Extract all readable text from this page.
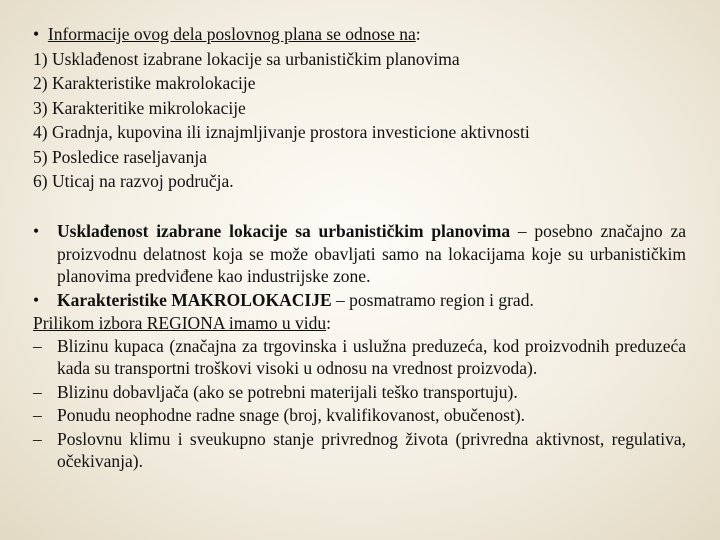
• Informacije ovog dela poslovnog plana se odnose na:
1) Usklađenost izabrane lokacije sa urbanističkim planovima
2) Karakteristike makrolokacije
3) Karakteritike mikrolokacije
4) Gradnja, kupovina ili iznajmljivanje prostora investicione aktivnosti
5) Posledice raseljavanja
6) Uticaj na razvoj područja.
•	Usklađenost izabrane lokacije sa urbanističkim planovima – posebno značajno za proizvodnu delatnost koja se može obavljati samo na lokacijama koje su urbanističkim planovima predviđene kao industrijske zone.
•	Karakteristike MAKROLOKACIJE – posmatramo region i grad.
Prilikom izbora REGIONA imamo u vidu:
– Blizinu kupaca (značajna za trgovinska i uslužna preduzeća, kod proizvodnih preduzeća kada su transportni troškovi visoki u odnosu na vrednost proizvoda).
– Blizinu dobavljača (ako se potrebni materijali teško transportuju).
– Ponudu neophodne radne snage (broj, kvalifikovanost, obučenost).
– Poslovnu klimu i sveukupno stanje privrednog života (privredna aktivnost, regulativa, očekivanja).
